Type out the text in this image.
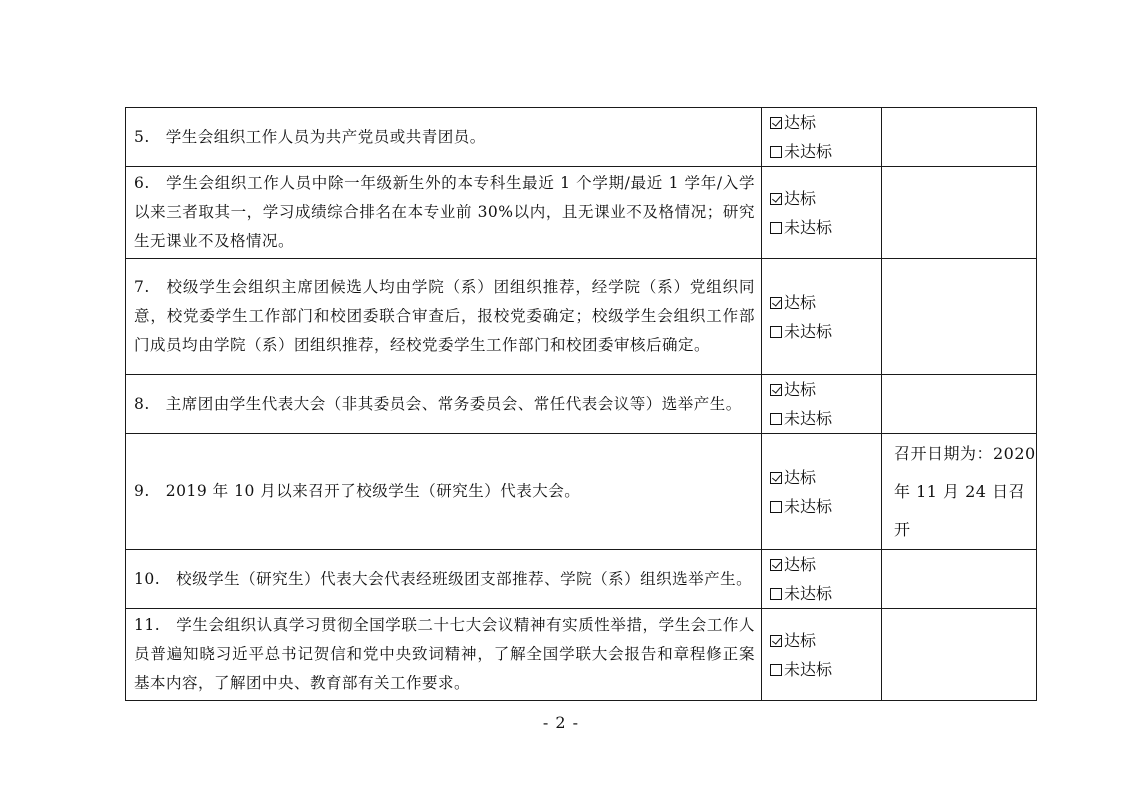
5.　学生会组织工作人员为共产党员或共青团员。	达标
未达标	

6.　学生会组织工作人员中除一年级新生外的本专科生最近 1 个学期/最近 1 学年/入学以来三者取其一，学习成绩综合排名在本专业前 30%以内，且无课业不及格情况；研究生无课业不及格情况。	达标
未达标	

7.　校级学生会组织主席团候选人均由学院（系）团组织推荐，经学院（系）党组织同意，校党委学生工作部门和校团委联合审查后，报校党委确定；校级学生会组织工作部门成员均由学院（系）团组织推荐，经校党委学生工作部门和校团委审核后确定。	达标
未达标	

8.　主席团由学生代表大会（非其委员会、常务委员会、常任代表会议等）选举产生。	达标
未达标	

9.　2019 年 10 月以来召开了校级学生（研究生）代表大会。	达标
未达标	召开日期为：2020 年 11 月 24 日召开
10.　校级学生（研究生）代表大会代表经班级团支部推荐、学院（系）组织选举产生。	达标
未达标	

11.　学生会组织认真学习贯彻全国学联二十七大会议精神有实质性举措，学生会工作人员普遍知晓习近平总书记贺信和党中央致词精神，了解全国学联大会报告和章程修正案基本内容，了解团中央、教育部有关工作要求。	达标
未达标	

- 2 -
